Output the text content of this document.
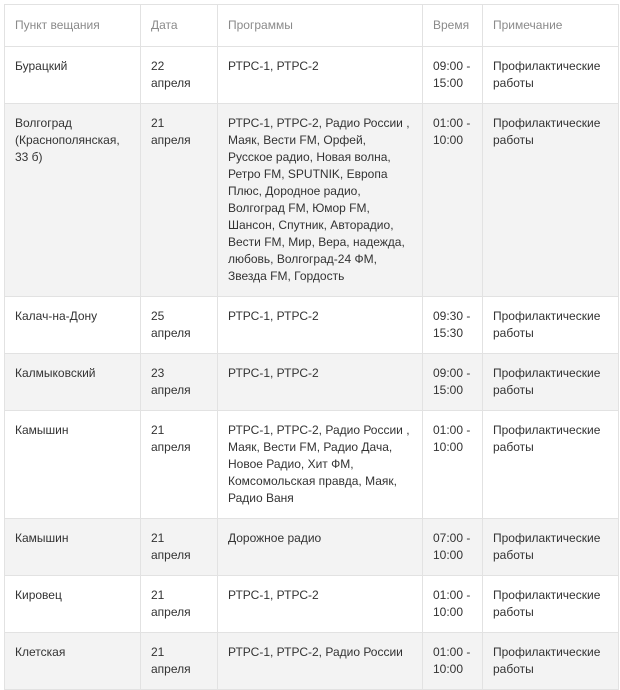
Пункт вещания	Дата	Программы	Время	Примечание
Бурацкий	22 апреля	РТРС-1, РТРС-2	09:00 - 15:00	Профилактические работы
Волгоград (Краснополянская, 33 б)	21 апреля	РТРС-1, РТРС-2, Радио России , Маяк, Вести FM, Орфей, Русское радио, Новая волна, Ретро FM, SPUTNIK, Европа Плюс, Дородное радио, Волгоград FM, Юмор FM, Шансон, Спутник, Авторадио, Вести FM, Мир, Вера, надежда, любовь, Волгоград-24 ФМ, Звезда FM, Гордость	01:00 - 10:00	Профилактические работы
Калач-на-Дону	25 апреля	РТРС-1, РТРС-2	09:30 - 15:30	Профилактические работы
Калмыковский	23 апреля	РТРС-1, РТРС-2	09:00 - 15:00	Профилактические работы
Камышин	21 апреля	РТРС-1, РТРС-2, Радио России , Маяк, Вести FM, Радио Дача, Новое Радио, Хит ФМ, Комсомольская правда, Маяк, Радио Ваня	01:00 - 10:00	Профилактические работы
Камышин	21 апреля	Дорожное радио	07:00 - 10:00	Профилактические работы
Кировец	21 апреля	РТРС-1, РТРС-2	01:00 - 10:00	Профилактические работы
Клетская	21 апреля	РТРС-1, РТРС-2, Радио России	01:00 - 10:00	Профилактические работы
